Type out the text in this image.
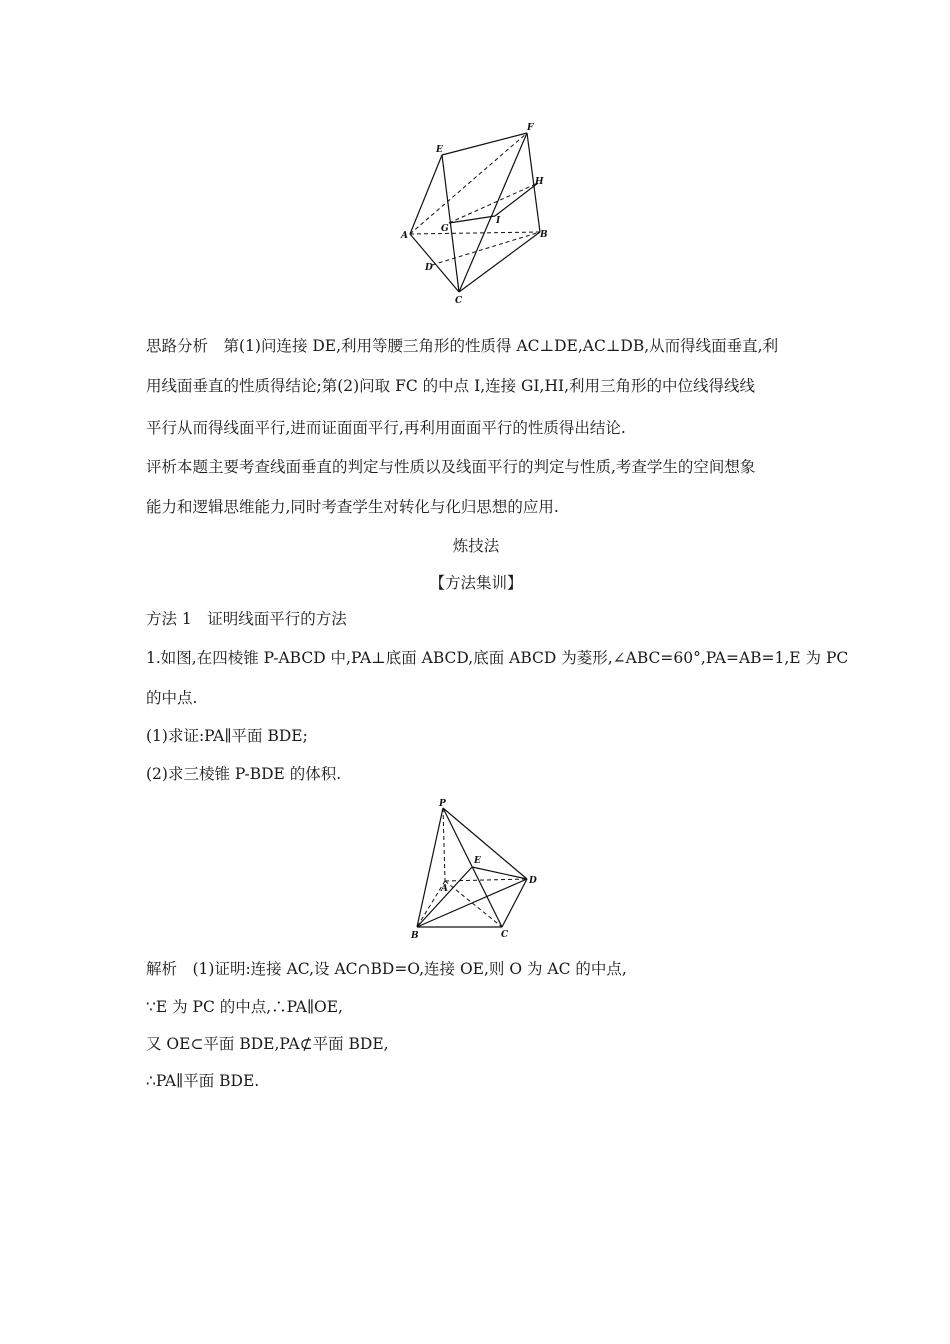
E
F
H
I
G
A	B
D
C
思路分析　第(1)问连接 DE,利用等腰三角形的性质得 AC⊥DE,AC⊥DB,从而得线面垂直,利
用线面垂直的性质得结论;第(2)问取 FC 的中点 I,连接 GI,HI,利用三角形的中位线得线线
平行从而得线面平行,进而证面面平行,再利用面面平行的性质得出结论.
评析本题主要考查线面垂直的判定与性质以及线面平行的判定与性质,考查学生的空间想象
能力和逻辑思维能力,同时考查学生对转化与化归思想的应用.
炼技法
【方法集训】
方法 1　证明线面平行的方法
1.如图,在四棱锥 P-ABCD 中,PA⊥底面 ABCD,底面 ABCD 为菱形,∠ABC=60°,PA=AB=1,E 为 PC
的中点.
(1)求证:PA∥平面 BDE;
(2)求三棱锥 P-BDE 的体积.
P
E
A
D
B	C
解析　(1)证明:连接 AC,设 AC∩BD=O,连接 OE,则 O 为 AC 的中点,
∵E 为 PC 的中点,∴PA∥OE,
又 OE⊂平面 BDE,PA⊄平面 BDE,
∴PA∥平面 BDE.
